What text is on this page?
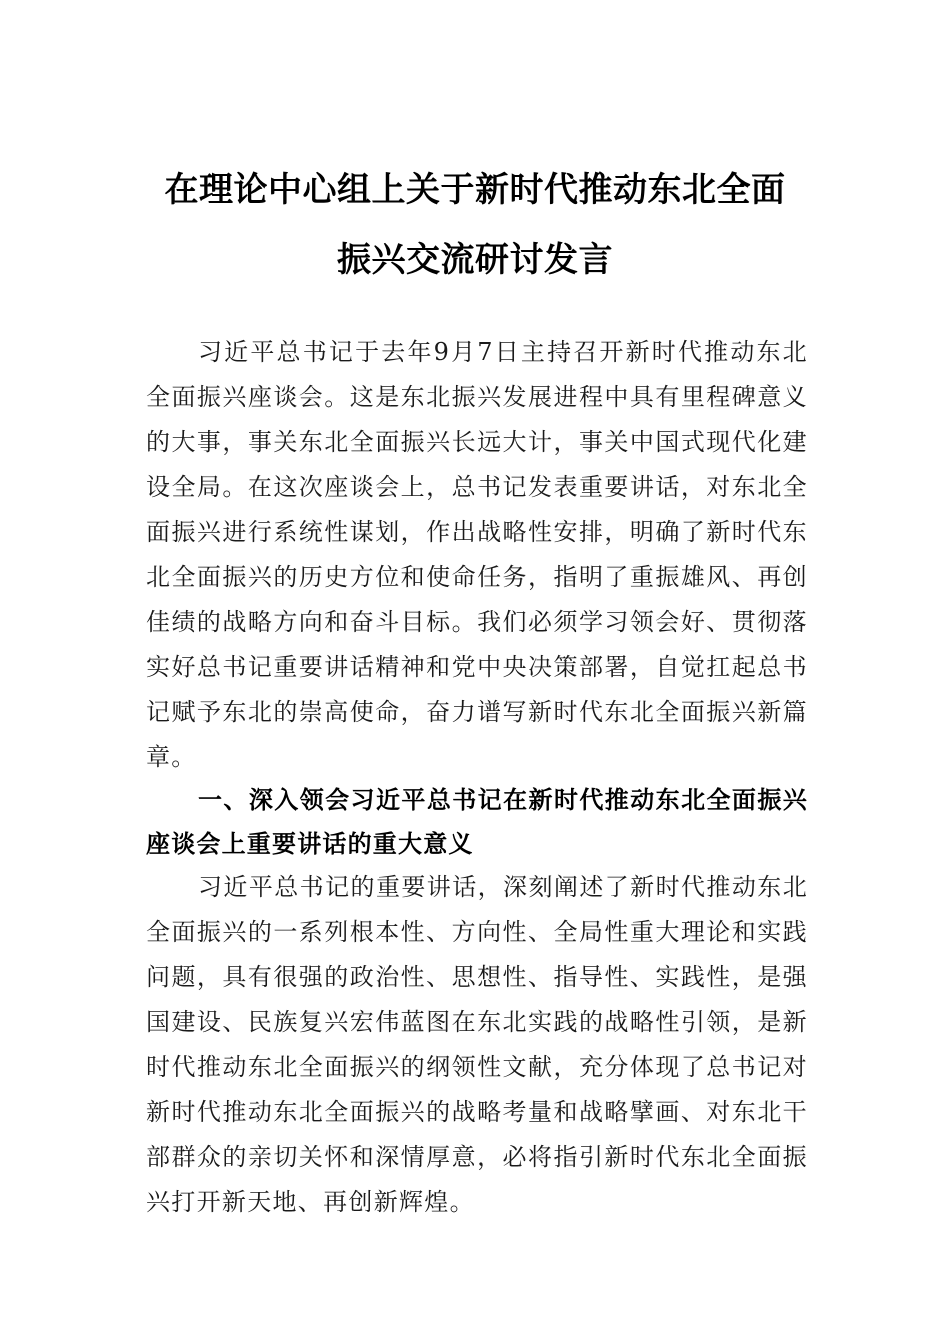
在理论中心组上关于新时代推动东北全面
振兴交流研讨发言

习近平总书记于去年9月7日主持召开新时代推动东北全面振兴座谈会。这是东北振兴发展进程中具有里程碑意义的大事，事关东北全面振兴长远大计，事关中国式现代化建设全局。在这次座谈会上，总书记发表重要讲话，对东北全面振兴进行系统性谋划，作出战略性安排，明确了新时代东北全面振兴的历史方位和使命任务，指明了重振雄风、再创佳绩的战略方向和奋斗目标。我们必须学习领会好、贯彻落实好总书记重要讲话精神和党中央决策部署，自觉扛起总书记赋予东北的崇高使命，奋力谱写新时代东北全面振兴新篇章。

一、深入领会习近平总书记在新时代推动东北全面振兴座谈会上重要讲话的重大意义

习近平总书记的重要讲话，深刻阐述了新时代推动东北全面振兴的一系列根本性、方向性、全局性重大理论和实践问题，具有很强的政治性、思想性、指导性、实践性，是强国建设、民族复兴宏伟蓝图在东北实践的战略性引领，是新时代推动东北全面振兴的纲领性文献，充分体现了总书记对新时代推动东北全面振兴的战略考量和战略擘画、对东北干部群众的亲切关怀和深情厚意，必将指引新时代东北全面振兴打开新天地、再创新辉煌。
